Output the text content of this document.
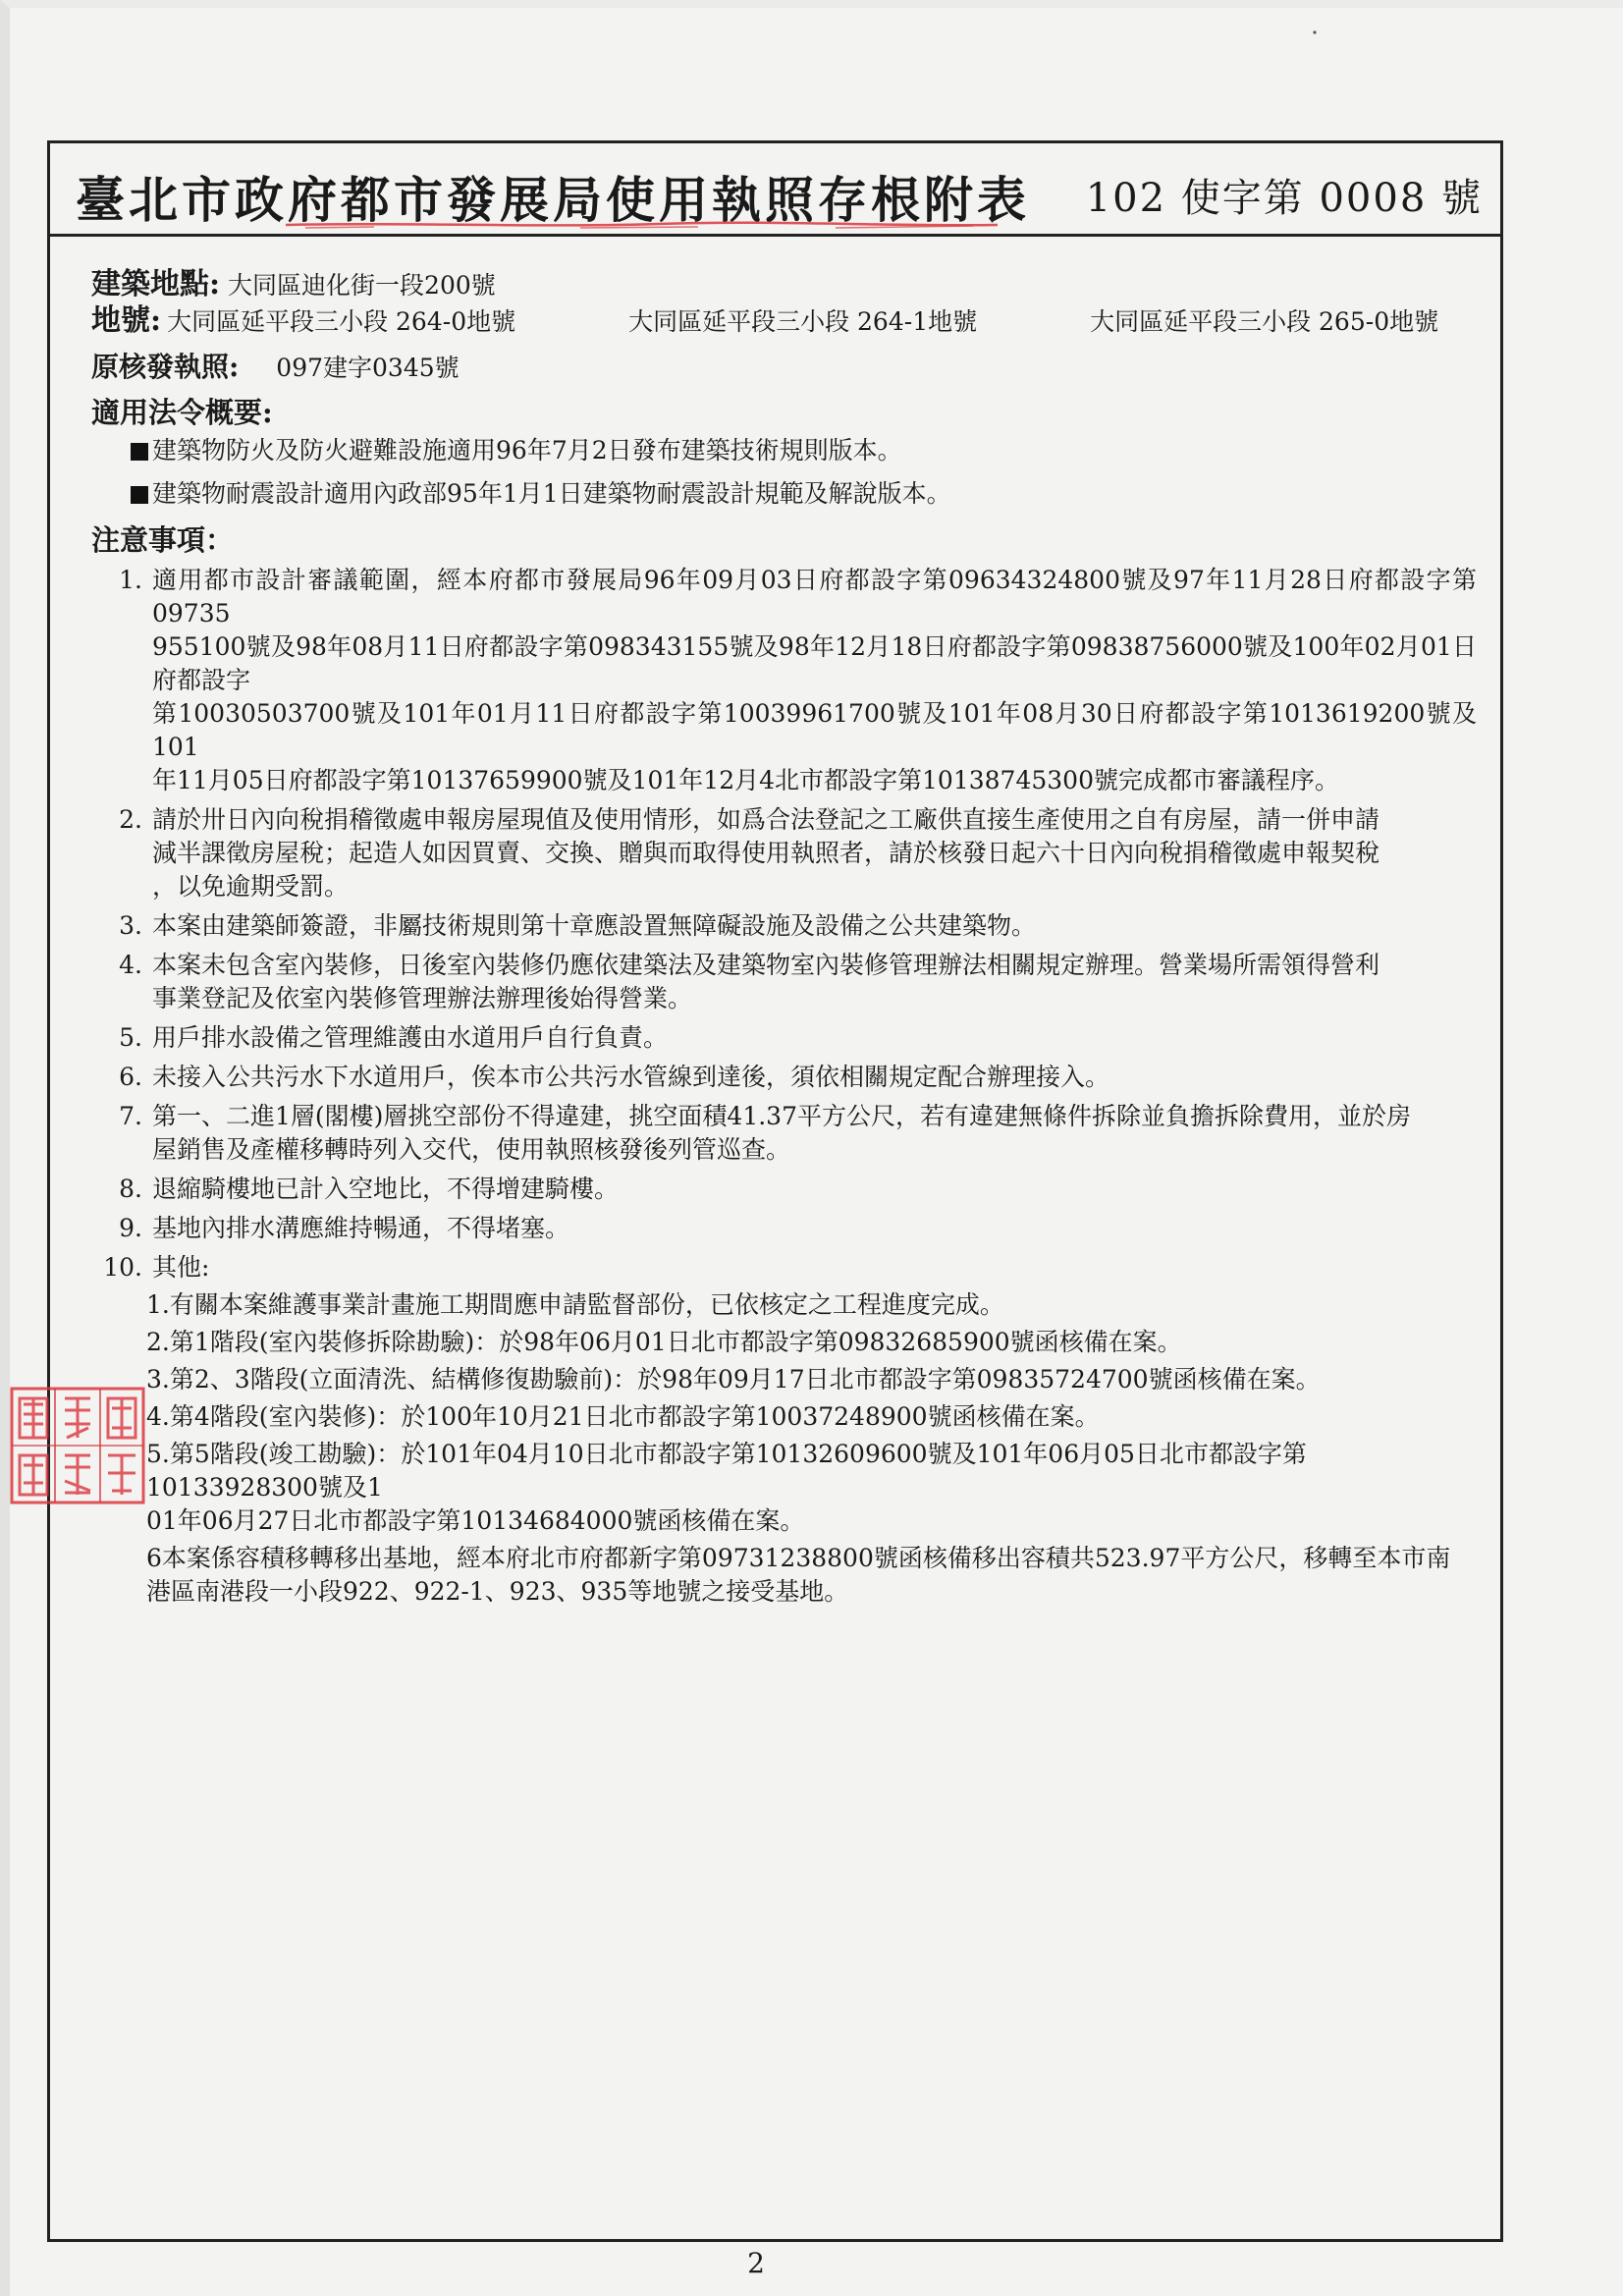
臺北市政府都市發展局使用執照存根附表 102 使字第 0008 號
建築地點: 大同區迪化街一段200號
地號: 大同區延平段三小段 264-0地號	大同區延平段三小段 264-1地號	大同區延平段三小段 265-0地號
原核發執照: 097建字0345號
適用法令概要:
建築物防火及防火避難設施適用96年7月2日發布建築技術規則版本。
建築物耐震設計適用內政部95年1月1日建築物耐震設計規範及解說版本。
注意事項：
1. 適用都市設計審議範圍，經本府都市發展局96年09月03日府都設字第09634324800號及97年11月28日府都設字第09735
955100號及98年08月11日府都設字第098343155號及98年12月18日府都設字第09838756000號及100年02月01日府都設字
第10030503700號及101年01月11日府都設字第10039961700號及101年08月30日府都設字第1013619200號及101
年11月05日府都設字第10137659900號及101年12月4北市都設字第10138745300號完成都市審議程序。
2. 請於卅日內向稅捐稽徵處申報房屋現值及使用情形，如爲合法登記之工廠供直接生產使用之自有房屋，請一併申請
減半課徵房屋稅；起造人如因買賣、交換、贈與而取得使用執照者，請於核發日起六十日內向稅捐稽徵處申報契稅
，以免逾期受罰。
3. 本案由建築師簽證，非屬技術規則第十章應設置無障礙設施及設備之公共建築物。
4. 本案未包含室內裝修，日後室內裝修仍應依建築法及建築物室內裝修管理辦法相關規定辦理。營業場所需領得營利
事業登記及依室內裝修管理辦法辦理後始得營業。
5. 用戶排水設備之管理維護由水道用戶自行負責。
6. 未接入公共污水下水道用戶，俟本市公共污水管線到達後，須依相關規定配合辦理接入。
7. 第一、二進1層(閣樓)層挑空部份不得違建，挑空面積41.37平方公尺，若有違建無條件拆除並負擔拆除費用，並於房
屋銷售及產權移轉時列入交代，使用執照核發後列管巡查。
8. 退縮騎樓地已計入空地比，不得增建騎樓。
9. 基地內排水溝應維持暢通，不得堵塞。
10. 其他:
1.有關本案維護事業計畫施工期間應申請監督部份，已依核定之工程進度完成。
2.第1階段(室內裝修拆除勘驗)：於98年06月01日北市都設字第09832685900號函核備在案。
3.第2、3階段(立面清洗、結構修復勘驗前)：於98年09月17日北市都設字第09835724700號函核備在案。
4.第4階段(室內裝修)：於100年10月21日北市都設字第10037248900號函核備在案。
5.第5階段(竣工勘驗)：於101年04月10日北市都設字第10132609600號及101年06月05日北市都設字第10133928300號及1
01年06月27日北市都設字第10134684000號函核備在案。
6本案係容積移轉移出基地，經本府北市府都新字第09731238800號函核備移出容積共523.97平方公尺，移轉至本市南
港區南港段一小段922、922-1、923、935等地號之接受基地。
2
